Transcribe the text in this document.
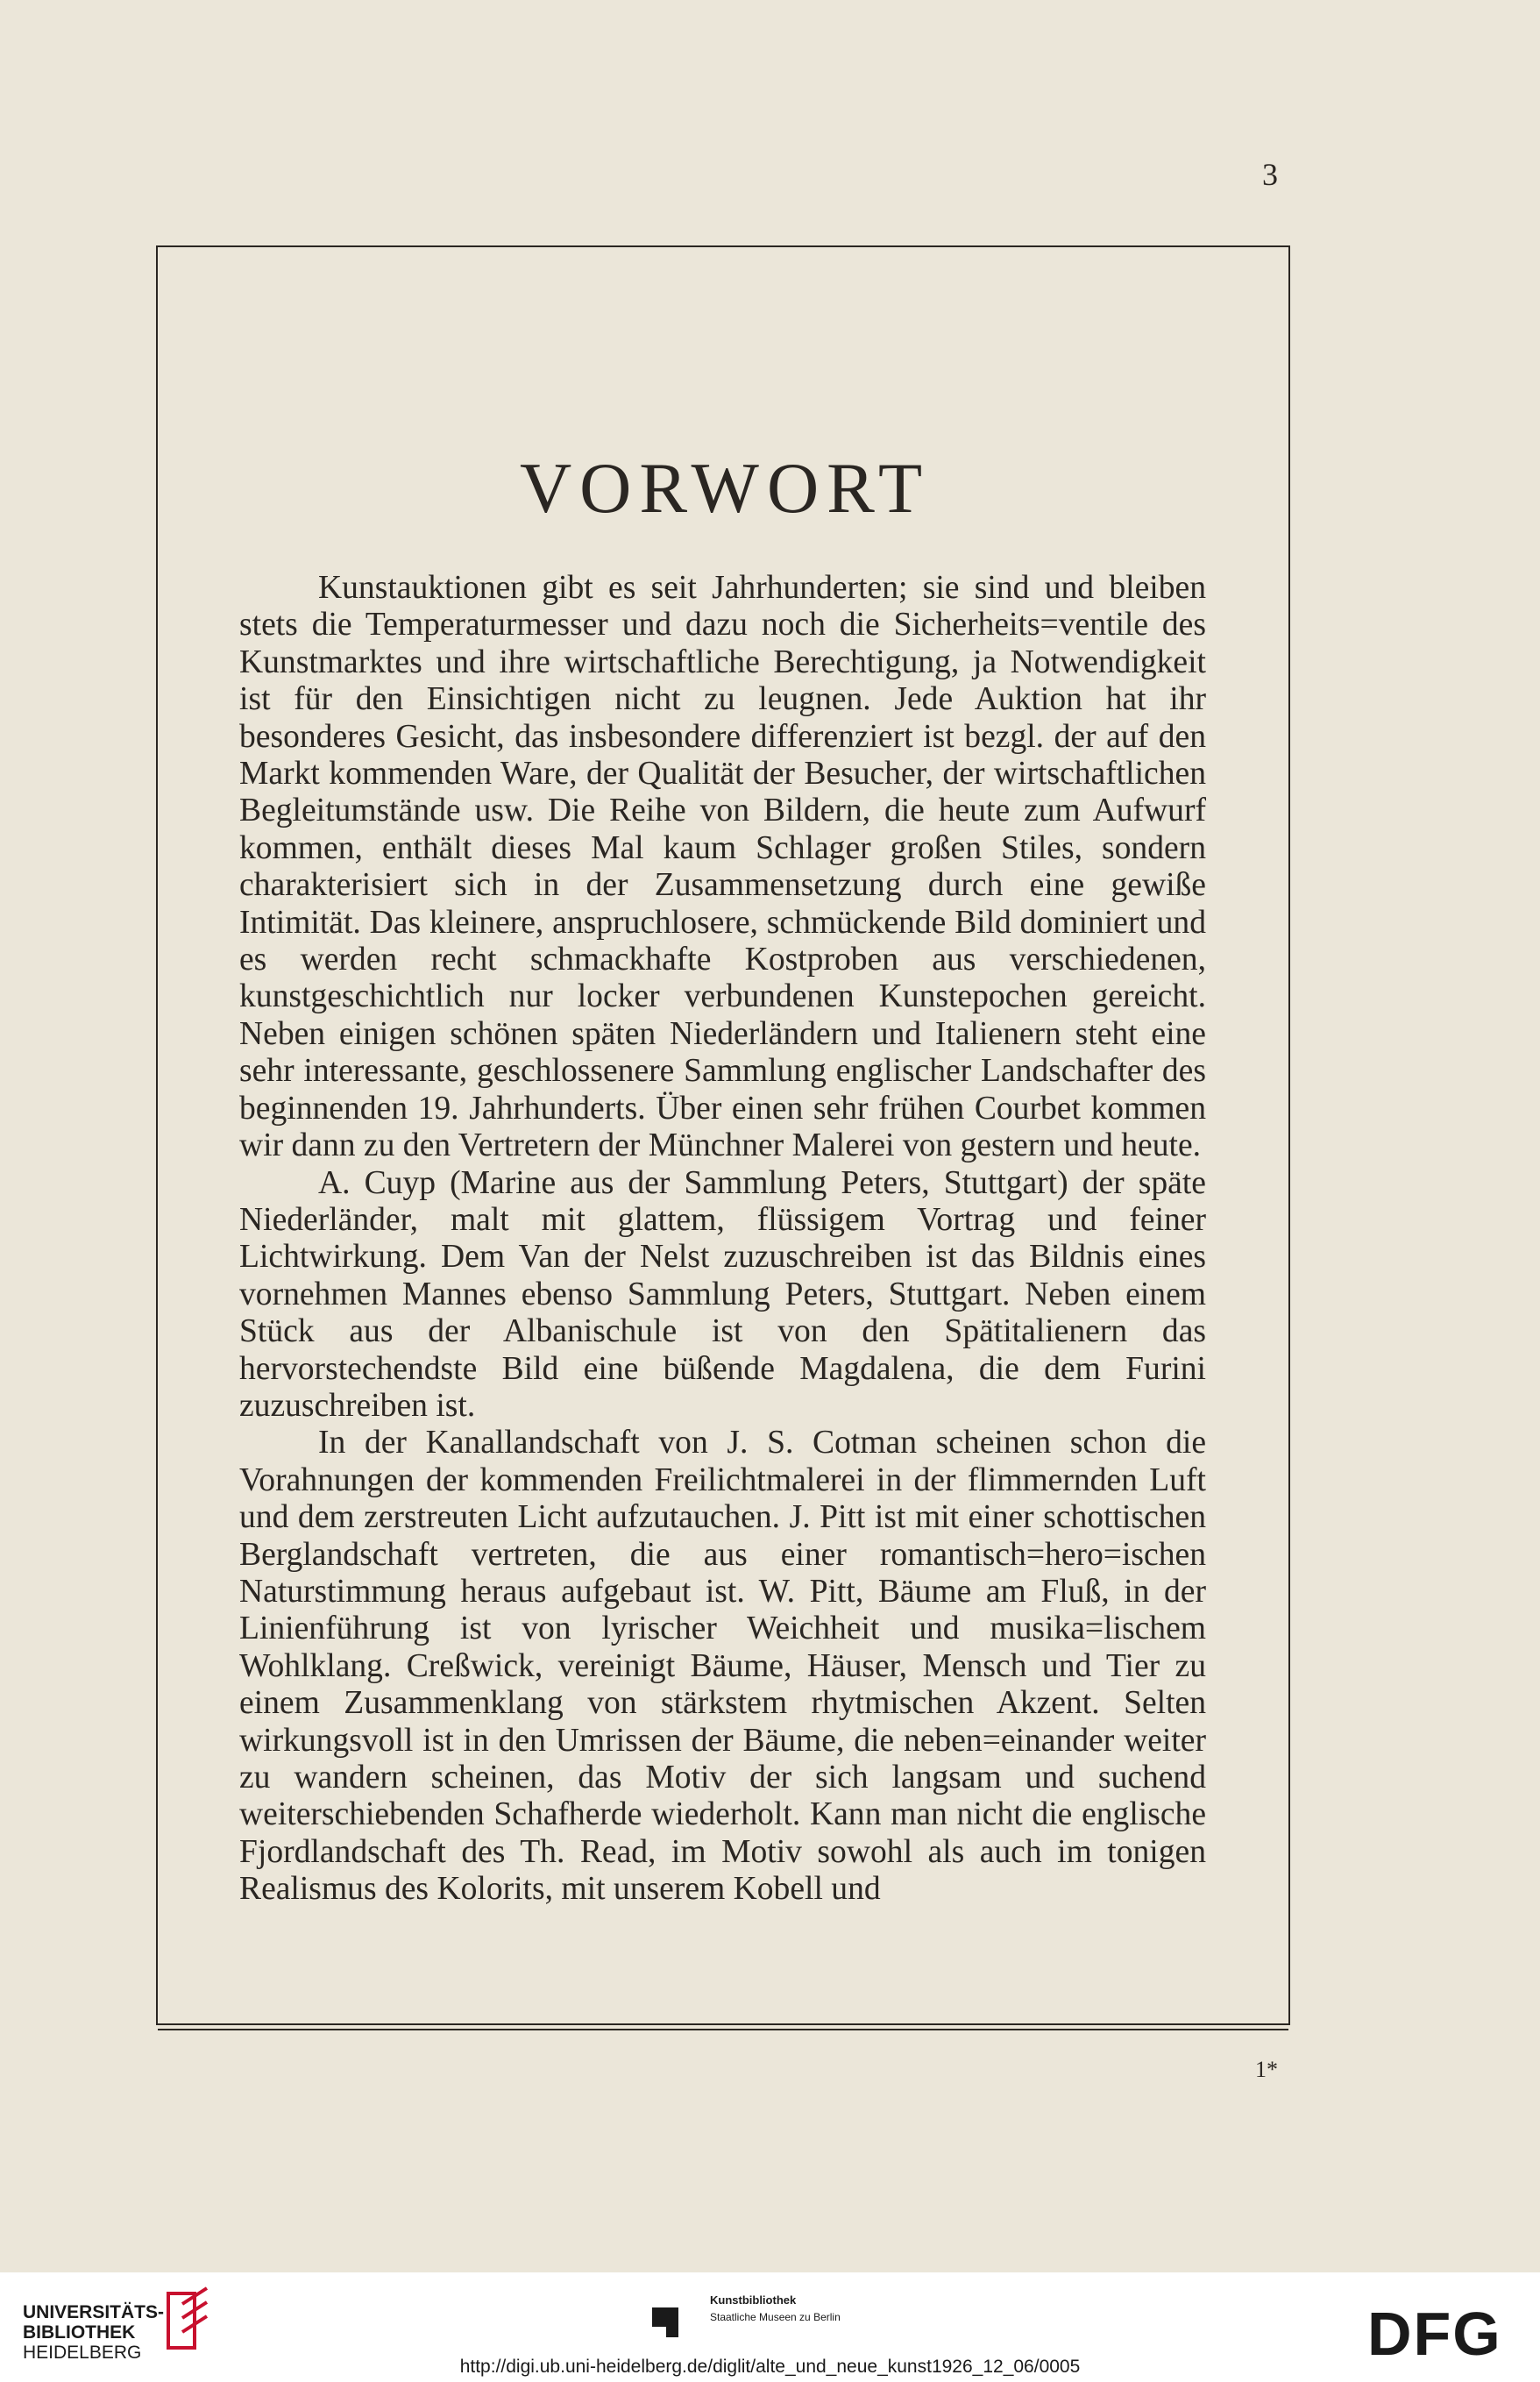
3
VORWORT

Kunstauktionen gibt es seit Jahrhunderten; sie sind und bleiben stets die Temperaturmesser und dazu noch die Sicherheits=ventile des Kunstmarktes und ihre wirtschaftliche Berechtigung, ja Notwendigkeit ist für den Einsichtigen nicht zu leugnen. Jede Auktion hat ihr besonderes Gesicht, das insbesondere differenziert ist bezgl. der auf den Markt kommenden Ware, der Qualität der Besucher, der wirtschaftlichen Begleitumstände usw. Die Reihe von Bildern, die heute zum Aufwurf kommen, enthält dieses Mal kaum Schlager großen Stiles, sondern charakterisiert sich in der Zusammensetzung durch eine gewiße Intimität. Das kleinere, anspruchlosere, schmückende Bild dominiert und es werden recht schmackhafte Kostproben aus verschiedenen, kunstgeschichtlich nur locker verbundenen Kunstepochen gereicht. Neben einigen schönen späten Niederländern und Italienern steht eine sehr interessante, geschlossenere Sammlung englischer Landschafter des beginnenden 19. Jahrhunderts. Über einen sehr frühen Courbet kommen wir dann zu den Vertretern der Münchner Malerei von gestern und heute.

A. Cuyp (Marine aus der Sammlung Peters, Stuttgart) der späte Niederländer, malt mit glattem, flüssigem Vortrag und feiner Lichtwirkung. Dem Van der Nelst zuzuschreiben ist das Bildnis eines vornehmen Mannes ebenso Sammlung Peters, Stuttgart. Neben einem Stück aus der Albanischule ist von den Spätitalienern das hervorstechendste Bild eine büßende Magdalena, die dem Furini zuzuschreiben ist.

In der Kanallandschaft von J. S. Cotman scheinen schon die Vorahnungen der kommenden Freilichtmalerei in der flimmernden Luft und dem zerstreuten Licht aufzutauchen. J. Pitt ist mit einer schottischen Berglandschaft vertreten, die aus einer romantisch=hero=ischen Naturstimmung heraus aufgebaut ist. W. Pitt, Bäume am Fluß, in der Linienführung ist von lyrischer Weichheit und musika=lischem Wohlklang. Creßwick, vereinigt Bäume, Häuser, Mensch und Tier zu einem Zusammenklang von stärkstem rhytmischen Akzent. Selten wirkungsvoll ist in den Umrissen der Bäume, die neben=einander weiter zu wandern scheinen, das Motiv der sich langsam und suchend weiterschiebenden Schafherde wiederholt. Kann man nicht die englische Fjordlandschaft des Th. Read, im Motiv sowohl als auch im tonigen Realismus des Kolorits, mit unserem Kobell und

1*
UNIVERSITÄTS-
BIBLIOTHEK
HEIDELBERG
Kunstbibliothek
Staatliche Museen zu Berlin	DFG
http://digi.ub.uni-heidelberg.de/diglit/alte_und_neue_kunst1926_12_06/0005
